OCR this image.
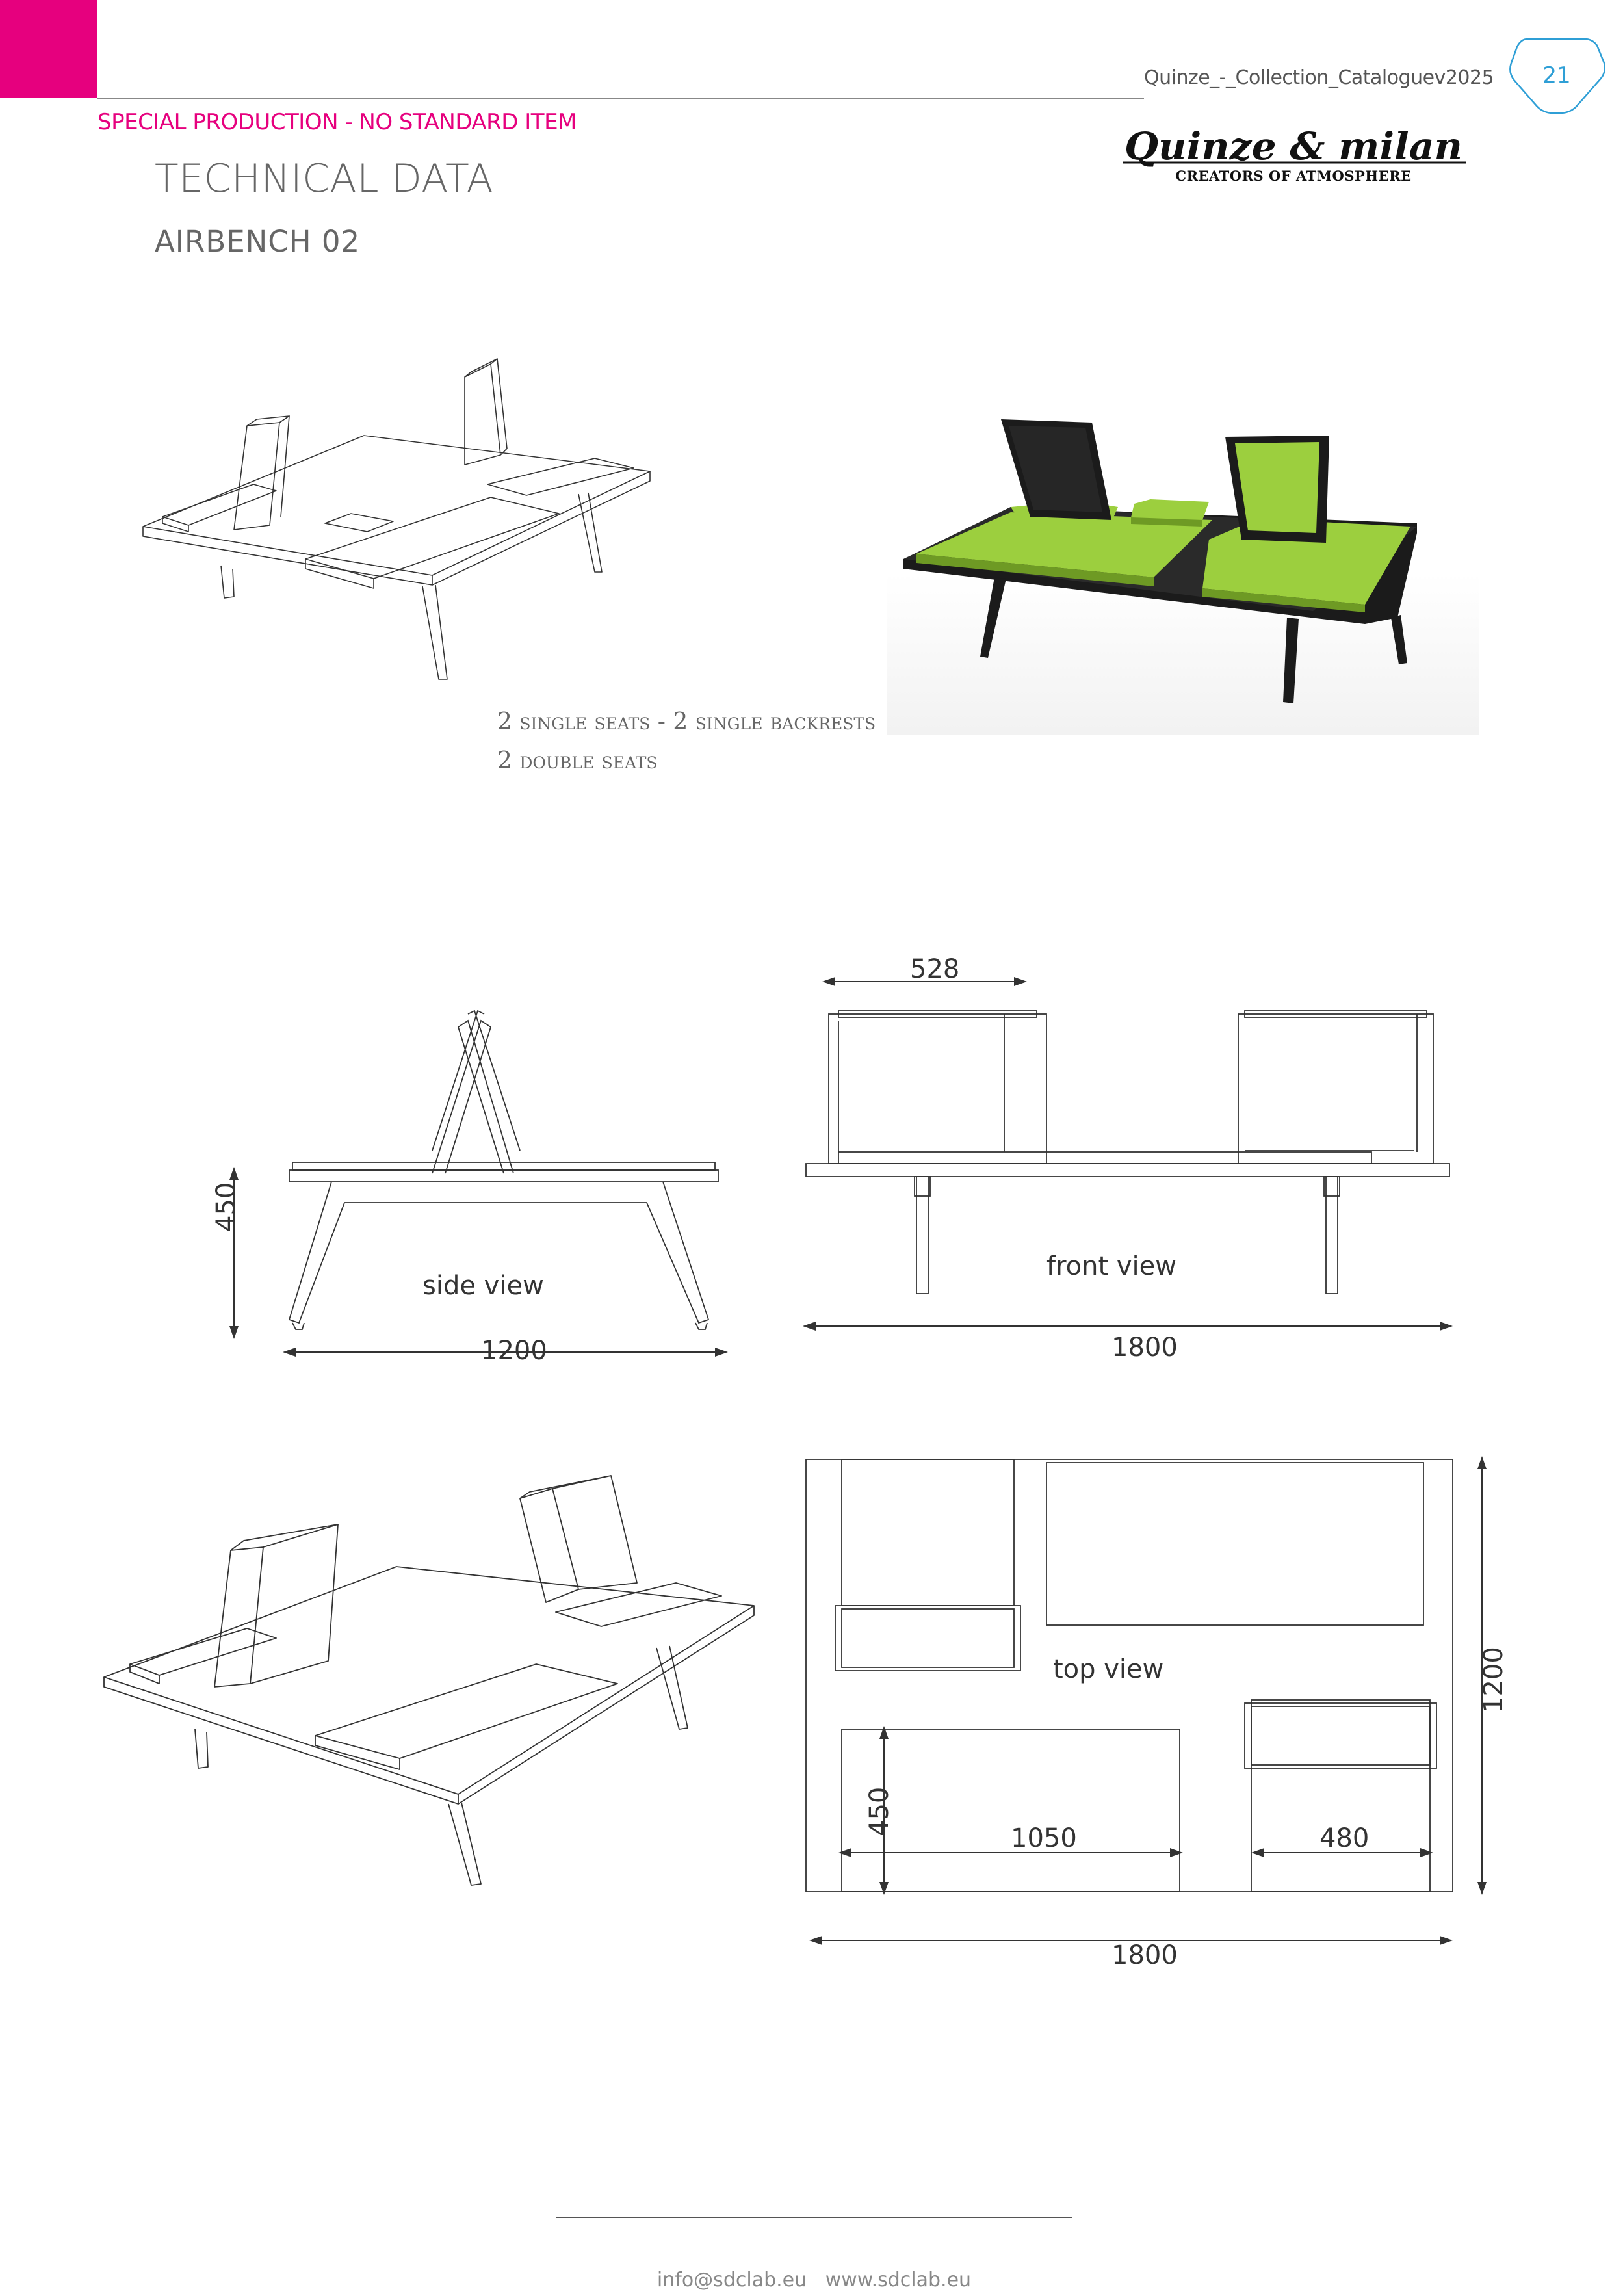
Quinze_-_Collection_Cataloguev2025	21
SPECIAL PRODUCTION - NO STANDARD ITEM
TECHNICAL DATA
AIRBENCH 02
Quinze & milan
CREATORS OF ATMOSPHERE
2 single seats - 2 single backrests
2 double seats
450
1200
side view
528
front view
1800
top view	1200
1800
450
1050	480
info@sdclab.eu   www.sdclab.eu
